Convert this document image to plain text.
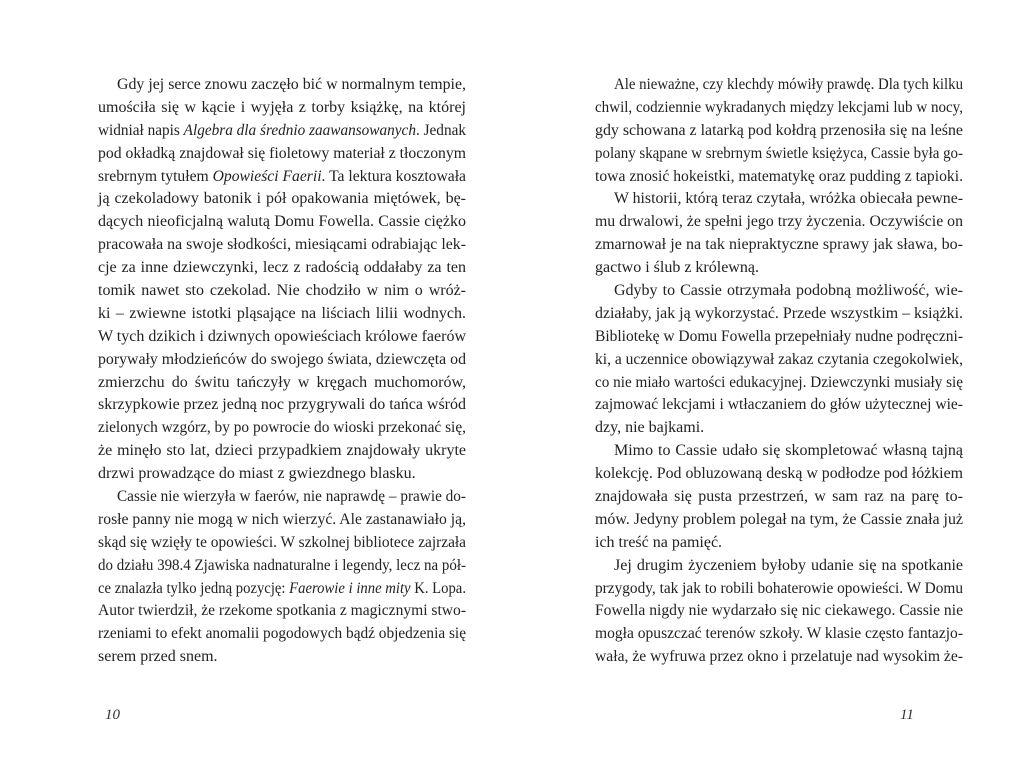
Gdy jej serce znowu zaczęło bić w normalnym tempie,
umościła się w kącie i wyjęła z torby książkę, na której
widniał napis Algebra dla średnio zaawansowanych. Jednak
pod okładką znajdował się fioletowy materiał z tłoczonym
srebrnym tytułem Opowieści Faerii. Ta lektura kosztowała
ją czekoladowy batonik i pół opakowania miętówek, bę-
dących nieoficjalną walutą Domu Fowella. Cassie ciężko
pracowała na swoje słodkości, miesiącami odrabiając lek-
cje za inne dziewczynki, lecz z radością oddałaby za ten
tomik nawet sto czekolad. Nie chodziło w nim o wróż-
ki – zwiewne istotki pląsające na liściach lilii wodnych.
W tych dzikich i dziwnych opowieściach królowe faerów
porywały młodzieńców do swojego świata, dziewczęta od
zmierzchu do świtu tańczyły w kręgach muchomorów,
skrzypkowie przez jedną noc przygrywali do tańca wśród
zielonych wzgórz, by po powrocie do wioski przekonać się,
że minęło sto lat, dzieci przypadkiem znajdowały ukryte
drzwi prowadzące do miast z gwiezdnego blasku.
Cassie nie wierzyła w faerów, nie naprawdę – prawie do-
rosłe panny nie mogą w nich wierzyć. Ale zastanawiało ją,
skąd się wzięły te opowieści. W szkolnej bibliotece zajrzała
do działu 398.4 Zjawiska nadnaturalne i legendy, lecz na pół-
ce znalazła tylko jedną pozycję: Faerowie i inne mity K. Lopa.
Autor twierdził, że rzekome spotkania z magicznymi stwo-
rzeniami to efekt anomalii pogodowych bądź objedzenia się
serem przed snem.
Ale nieważne, czy klechdy mówiły prawdę. Dla tych kilku
chwil, codziennie wykradanych między lekcjami lub w nocy,
gdy schowana z latarką pod kołdrą przenosiła się na leśne
polany skąpane w srebrnym świetle księżyca, Cassie była go-
towa znosić hokeistki, matematykę oraz pudding z tapioki.
W historii, którą teraz czytała, wróżka obiecała pewne-
mu drwalowi, że spełni jego trzy życzenia. Oczywiście on
zmarnował je na tak niepraktyczne sprawy jak sława, bo-
gactwo i ślub z królewną.
Gdyby to Cassie otrzymała podobną możliwość, wie-
działaby, jak ją wykorzystać. Przede wszystkim – książki.
Bibliotekę w Domu Fowella przepełniały nudne podręczni-
ki, a uczennice obowiązywał zakaz czytania czegokolwiek,
co nie miało wartości edukacyjnej. Dziewczynki musiały się
zajmować lekcjami i wtłaczaniem do głów użytecznej wie-
dzy, nie bajkami.
Mimo to Cassie udało się skompletować własną tajną
kolekcję. Pod obluzowaną deską w podłodze pod łóżkiem
znajdowała się pusta przestrzeń, w sam raz na parę to-
mów. Jedyny problem polegał na tym, że Cassie znała już
ich treść na pamięć.
Jej drugim życzeniem byłoby udanie się na spotkanie
przygody, tak jak to robili bohaterowie opowieści. W Domu
Fowella nigdy nie wydarzało się nic ciekawego. Cassie nie
mogła opuszczać terenów szkoły. W klasie często fantazjo-
wała, że wyfruwa przez okno i przelatuje nad wysokim że-
10	11
